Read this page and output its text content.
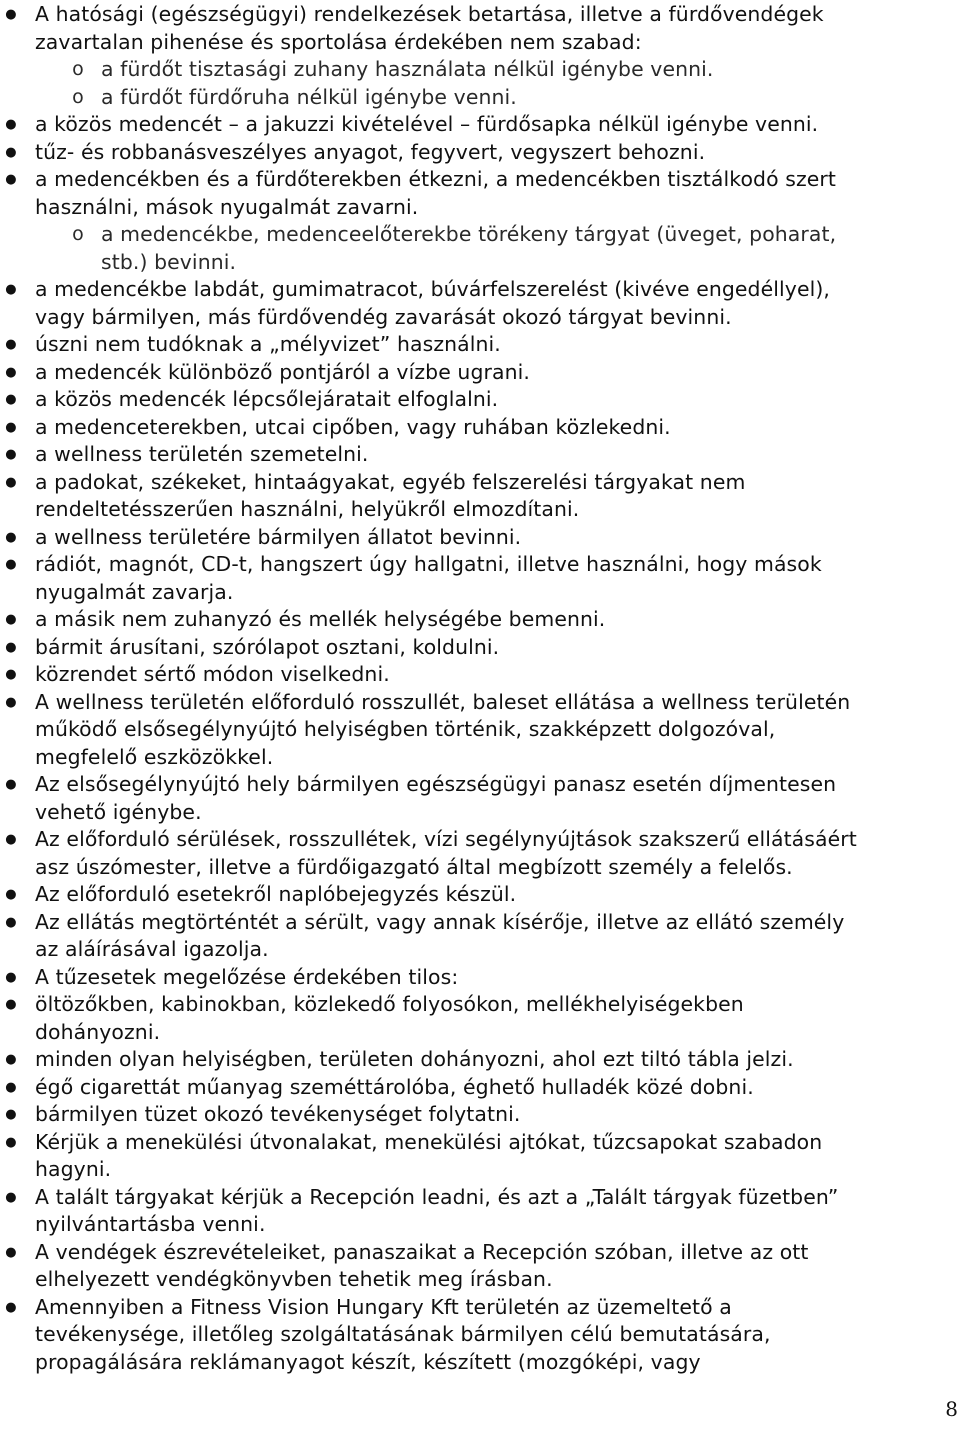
●
A hatósági (egészségügyi) rendelkezések betartása, illetve a fürdővendégek
zavartalan pihenése és sportolása érdekében nem szabad:
o a fürdőt tisztasági zuhany használata nélkül igénybe venni.
o a fürdőt fürdőruha nélkül igénybe venni.
●
a közös medencét – a jakuzzi kivételével – fürdősapka nélkül igénybe venni.
●
tűz- és robbanásveszélyes anyagot, fegyvert, vegyszert behozni.
●
a medencékben és a fürdőterekben étkezni, a medencékben tisztálkodó szert
használni, mások nyugalmát zavarni.
o a medencékbe, medenceelőterekbe törékeny tárgyat (üveget, poharat,
stb.) bevinni.
●
a medencékbe labdát, gumimatracot, búvárfelszerelést (kivéve engedéllyel),
vagy bármilyen, más fürdővendég zavarását okozó tárgyat bevinni.
●
úszni nem tudóknak a „mélyvizet” használni.
●
a medencék különböző pontjáról a vízbe ugrani.
●
a közös medencék lépcsőlejáratait elfoglalni.
●
a medenceterekben, utcai cipőben, vagy ruhában közlekedni.
●
a wellness területén szemetelni.
●
a padokat, székeket, hintaágyakat, egyéb felszerelési tárgyakat nem
rendeltetésszerűen használni, helyükről elmozdítani.
●
a wellness területére bármilyen állatot bevinni.
●
rádiót, magnót, CD-t, hangszert úgy hallgatni, illetve használni, hogy mások
nyugalmát zavarja.
●
a másik nem zuhanyzó és mellék helységébe bemenni.
●
bármit árusítani, szórólapot osztani, koldulni.
●
közrendet sértő módon viselkedni.
●
A wellness területén előforduló rosszullét, baleset ellátása a wellness területén
működő elsősegélynyújtó helyiségben történik, szakképzett dolgozóval,
megfelelő eszközökkel.
●
Az elsősegélynyújtó hely bármilyen egészségügyi panasz esetén díjmentesen
vehető igénybe.
●
Az előforduló sérülések, rosszullétek, vízi segélynyújtások szakszerű ellátásáért
asz úszómester, illetve a fürdőigazgató által megbízott személy a felelős.
●
Az előforduló esetekről naplóbejegyzés készül.
●
Az ellátás megtörténtét a sérült, vagy annak kísérője, illetve az ellátó személy
az aláírásával igazolja.
●
A tűzesetek megelőzése érdekében tilos:
●
öltözőkben, kabinokban, közlekedő folyosókon, mellékhelyiségekben
dohányozni.
●
minden olyan helyiségben, területen dohányozni, ahol ezt tiltó tábla jelzi.
●
égő cigarettát műanyag szeméttárolóba, éghető hulladék közé dobni.
●
bármilyen tüzet okozó tevékenységet folytatni.
●
Kérjük a menekülési útvonalakat, menekülési ajtókat, tűzcsapokat szabadon
hagyni.
●
A talált tárgyakat kérjük a Recepción leadni, és azt a „Talált tárgyak füzetben”
nyilvántartásba venni.
●
A vendégek észrevételeiket, panaszaikat a Recepción szóban, illetve az ott
elhelyezett vendégkönyvben tehetik meg írásban.
●
Amennyiben a Fitness Vision Hungary Kft területén az üzemeltető a
tevékenysége, illetőleg szolgáltatásának bármilyen célú bemutatására,
propagálására reklámanyagot készít, készített (mozgóképi, vagy
8
